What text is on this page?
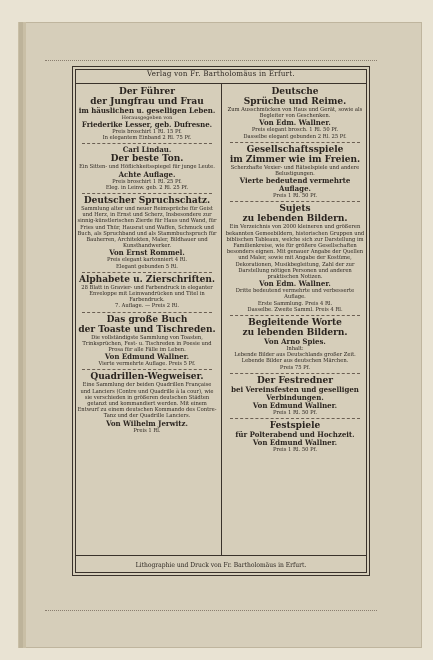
Verlag von Fr. Bartholomäus in Erfurt.
Der Führer
der Jungfrau und Frau
im häuslichen u. geselligen Leben.
Herausgegeben von
Friederike Lesser, geb. Dufresne.
Preis broschirt 1 Rl. 15 Pf.
In elegantem Einband 2 Rl. 75 Pf.
Carl Lindau.
Der beste Ton.
Ein Sitten- und Höflichkeitsspiegel für junge Leute.
Achte Auflage.
Preis broschirt 1 Rl. 25 Pf.
Eleg. in Leinw. geb. 2 Rl. 25 Pf.
Deutscher Spruchschatz.
Sammlung alter und neuer Reimsprüche für Geist und Herz, in Ernst und Scherz, Insbesondere zur sinnig-künstlerischen Zierde für Haus und Wand, für Fries und Thür, Hausrat und Waffen, Schmuck und Buch, als Spruchband und als Stammbuchspruch für Bauherren, Architekten, Maler, Bildhauer und Kunsthandwerker.
Von Ernst Rommel.
Preis elegant kartonniert 4 Rl.
Elegant gebunden 5 Rl.
Alphabete u. Zierschriften.
28 Blatt in Gravier- und Farbendruck in eleganter Enveloppe mit Leinwandrücken und Titel in Farbendruck.
7. Auflage. — Preis 2 Rl.
Das große Buch
der Toaste und Tischreden.
Die vollständigste Sammlung von Toasten, Trinksprüchen, Fest- u. Tischreden in Poesie und Prosa für alle Fälle im Leben.
Von Edmund Wallner.
Vierte vermehrte Auflage. Preis 5 Pf.
Quadrillen-Wegweiser.
Eine Sammlung der beiden Quadrillen Française und Lanciers (Contre und Quadrille à la cour), wie sie verschieden in größeren deutschen Städten getanzt und kommandiert werden. Mit einem Entwurf zu einem deutschen Kommando des Contre-Tanz und der Quadrille Lanciers.
Von Wilhelm Jerwitz.
Preis 1 Rl.
Deutsche
Sprüche und Reime.
Zum Ausschmücken von Haus und Gerät, sowie als Begleiter von Geschenken.
Von Edm. Wallner.
Preis elegant brosch. 1 Rl. 50 Pf.
Dasselbe elegant gebunden 2 Rl. 25 Pf.
Gesellschaftsspiele
im Zimmer wie im Freien.
Scherzhafte Vexier- und Rätselspiele und andere Belustigungen.
Vierte bedeutend vermehrte Auflage.
Preis 1 Rl. 50 Pf.
Sujets
zu lebenden Bildern.
Ein Verzeichnis von 2000 kleineren und größeren bekannten Gemeebildern, historischen Gruppen und biblischen Tableaux, welche sich zur Darstellung im Familienkreise, wie für größere Gesellschaften besonders eignen. Mit genauer Angabe der Quellen und Maler, sowie mit Angabe der Kostüme, Dekorationen, Musikbegleitung, Zahl der zur Darstellung nötigen Personen und anderen praktischen Notizen.
Von Edm. Wallner.
Dritte bedeutend vermehrte und verbesserte Auflage.
Erste Sammlung. Preis 4 Rl.
Dasselbe. Zweite Samml. Preis 4 Rl.
Begleitende Worte
zu lebenden Bildern.
Von Arno Spies.
Inhalt:
Lebende Bilder aus Deutschlands großer Zeit.
Lebende Bilder aus deutschen Märchen.
Preis 75 Pf.
Der Festredner
bei Vereinsfesten und geselligen Verbindungen.
Von Edmund Wallner.
Preis 1 Rl. 50 Pf.
Festspiele
für Polterabend und Hochzeit.
Von Edmund Wallner.
Preis 1 Rl. 50 Pf.
Lithographie und Druck von Fr. Bartholomäus in Erfurt.
